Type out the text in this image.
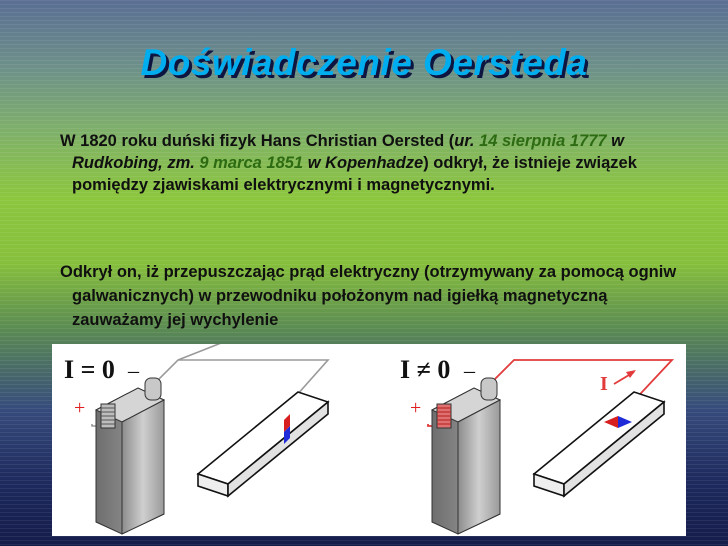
Doświadczenie Oersteda

W 1820 roku duński fizyk Hans Christian Oersted (ur. 14 sierpnia 1777 w Rudkobing, zm. 9 marca 1851 w Kopenhadze) odkrył, że istnieje związek pomiędzy zjawiskami elektrycznymi i magnetycznymi.

Odkrył on, iż przepuszczając prąd elektryczny (otrzymywany za pomocą ogniw galwanicznych) w przewodniku położonym nad igiełką magnetyczną zauważamy jej wychylenie

I = 0 _
+
I ≠ 0 _
+
I
